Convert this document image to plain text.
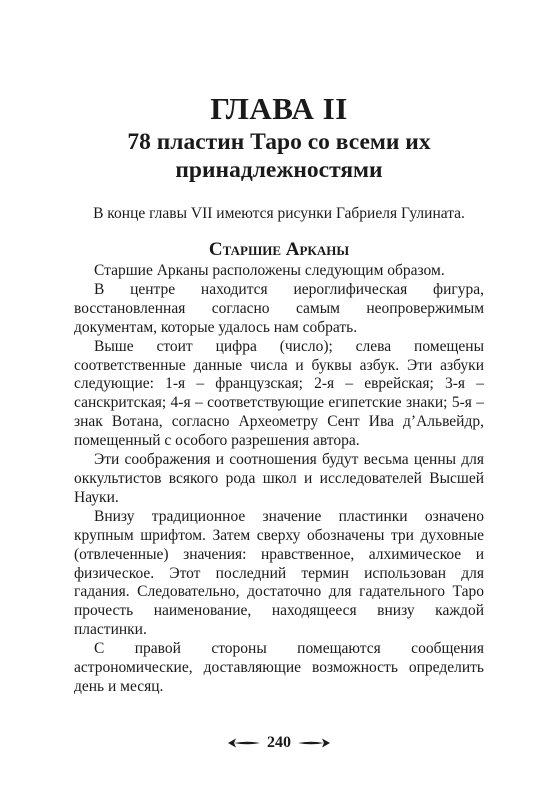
ГЛАВА II
78 пластин Таро со всеми их
принадлежностями
В конце главы VII имеются рисунки Габриеля Гулината.
Старшие Арканы

Старшие Арканы расположены следующим образом.

В центре находится иероглифическая фигура, восстановленная согласно самым неопровержимым документам, которые удалось нам собрать.

Выше стоит цифра (число); слева помещены соответственные данные числа и буквы азбук. Эти азбуки следующие: 1-я – французская; 2-я – еврейская; 3-я – санскритская; 4-я – соответствующие египетские знаки; 5-я – знак Вотана, согласно Археометру Сент Ива д’Альвейдр, помещенный с особого разрешения автора.

Эти соображения и соотношения будут весьма ценны для оккультистов всякого рода школ и исследователей Высшей Науки.

Внизу традиционное значение пластинки означено крупным шрифтом. Затем сверху обозначены три духовные (отвлеченные) значения: нравственное, алхимическое и физическое. Этот последний термин использован для гадания. Следовательно, достаточно для гадательного Таро прочесть наименование, находящееся внизу каждой пластинки.

С правой стороны помещаются сообщения астрономические, доставляющие возможность определить день и месяц.

240
